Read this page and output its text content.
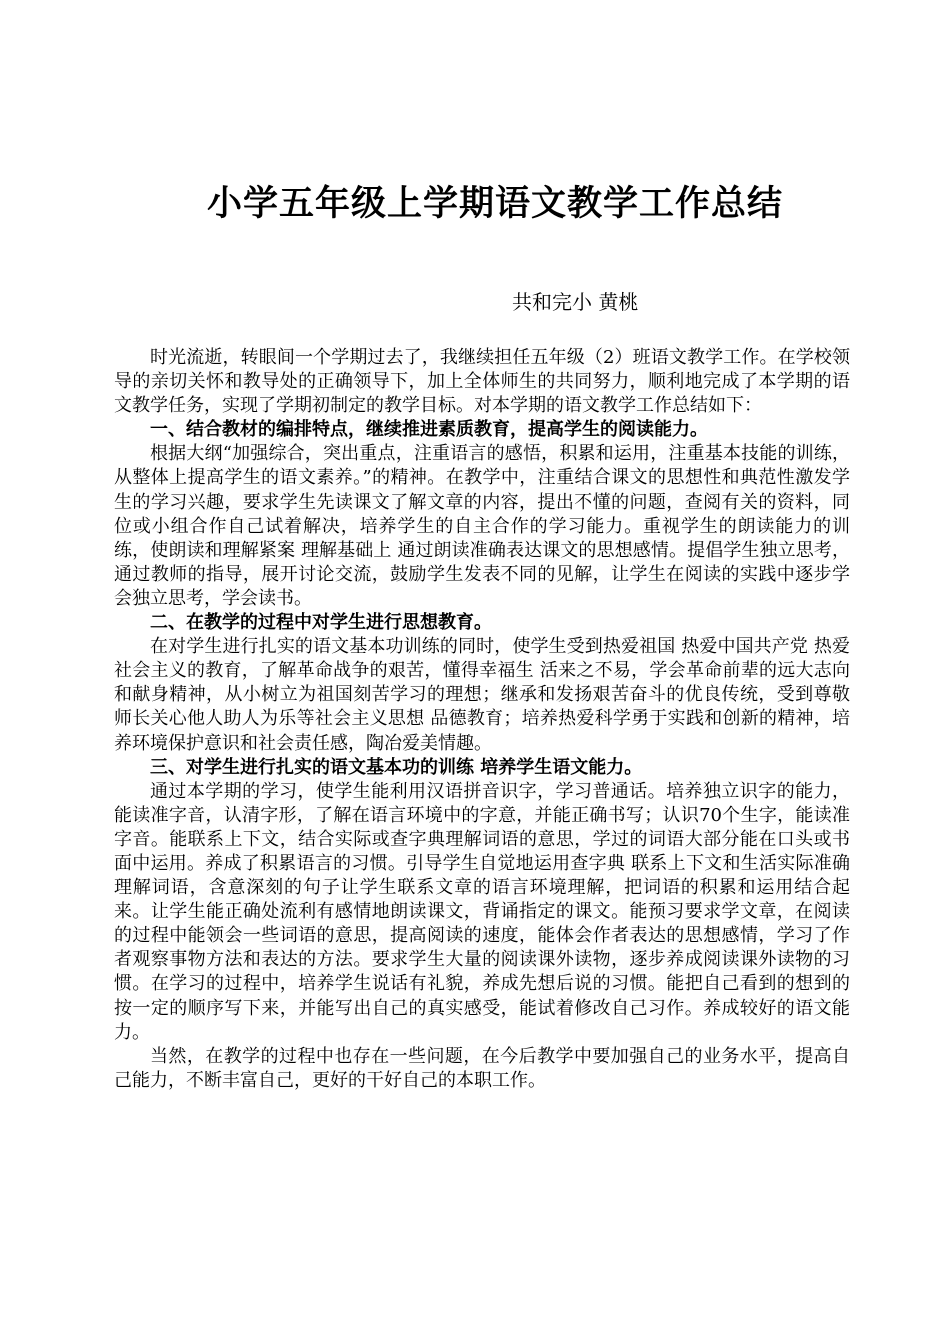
小学五年级上学期语文教学工作总结
共和完小 黄桃

时光流逝，转眼间一个学期过去了，我继续担任五年级（2）班语文教学工作。在学校领导的亲切关怀和教导处的正确领导下，加上全体师生的共同努力，顺利地完成了本学期的语文教学任务，实现了学期初制定的教学目标。对本学期的语文教学工作总结如下：

一、结合教材的编排特点，继续推进素质教育，提高学生的阅读能力。

根据大纲“加强综合，突出重点，注重语言的感悟，积累和运用，注重基本技能的训练，从整体上提高学生的语文素养。”的精神。在教学中，注重结合课文的思想性和典范性激发学生的学习兴趣，要求学生先读课文了解文章的内容，提出不懂的问题，查阅有关的资料，同位或小组合作自己试着解决，培养学生的自主合作的学习能力。重视学生的朗读能力的训练，使朗读和理解紧案 理解基础上 通过朗读准确表达课文的思想感情。提倡学生独立思考，通过教师的指导，展开讨论交流，鼓励学生发表不同的见解，让学生在阅读的实践中逐步学会独立思考，学会读书。

二、在教学的过程中对学生进行思想教育。

在对学生进行扎实的语文基本功训练的同时，使学生受到热爱祖国 热爱中国共产党 热爱社会主义的教育，了解革命战争的艰苦，懂得幸福生 活来之不易，学会革命前辈的远大志向和献身精神，从小树立为祖国刻苦学习的理想；继承和发扬艰苦奋斗的优良传统，受到尊敬师长关心他人助人为乐等社会主义思想 品德教育；培养热爱科学勇于实践和创新的精神，培养环境保护意识和社会责任感，陶冶爱美情趣。

三、对学生进行扎实的语文基本功的训练 培养学生语文能力。

通过本学期的学习，使学生能利用汉语拼音识字，学习普通话。培养独立识字的能力，能读准字音，认清字形，了解在语言环境中的字意，并能正确书写；认识70个生字，能读准字音。能联系上下文，结合实际或查字典理解词语的意思，学过的词语大部分能在口头或书面中运用。养成了积累语言的习惯。引导学生自觉地运用查字典 联系上下文和生活实际准确理解词语，含意深刻的句子让学生联系文章的语言环境理解，把词语的积累和运用结合起来。让学生能正确处流利有感情地朗读课文，背诵指定的课文。能预习要求学文章，在阅读的过程中能领会一些词语的意思，提高阅读的速度，能体会作者表达的思想感情，学习了作者观察事物方法和表达的方法。要求学生大量的阅读课外读物，逐步养成阅读课外读物的习惯。在学习的过程中，培养学生说话有礼貌，养成先想后说的习惯。能把自己看到的想到的按一定的顺序写下来，并能写出自己的真实感受，能试着修改自己习作。养成较好的语文能力。

当然，在教学的过程中也存在一些问题，在今后教学中要加强自己的业务水平，提高自己能力，不断丰富自己，更好的干好自己的本职工作。
